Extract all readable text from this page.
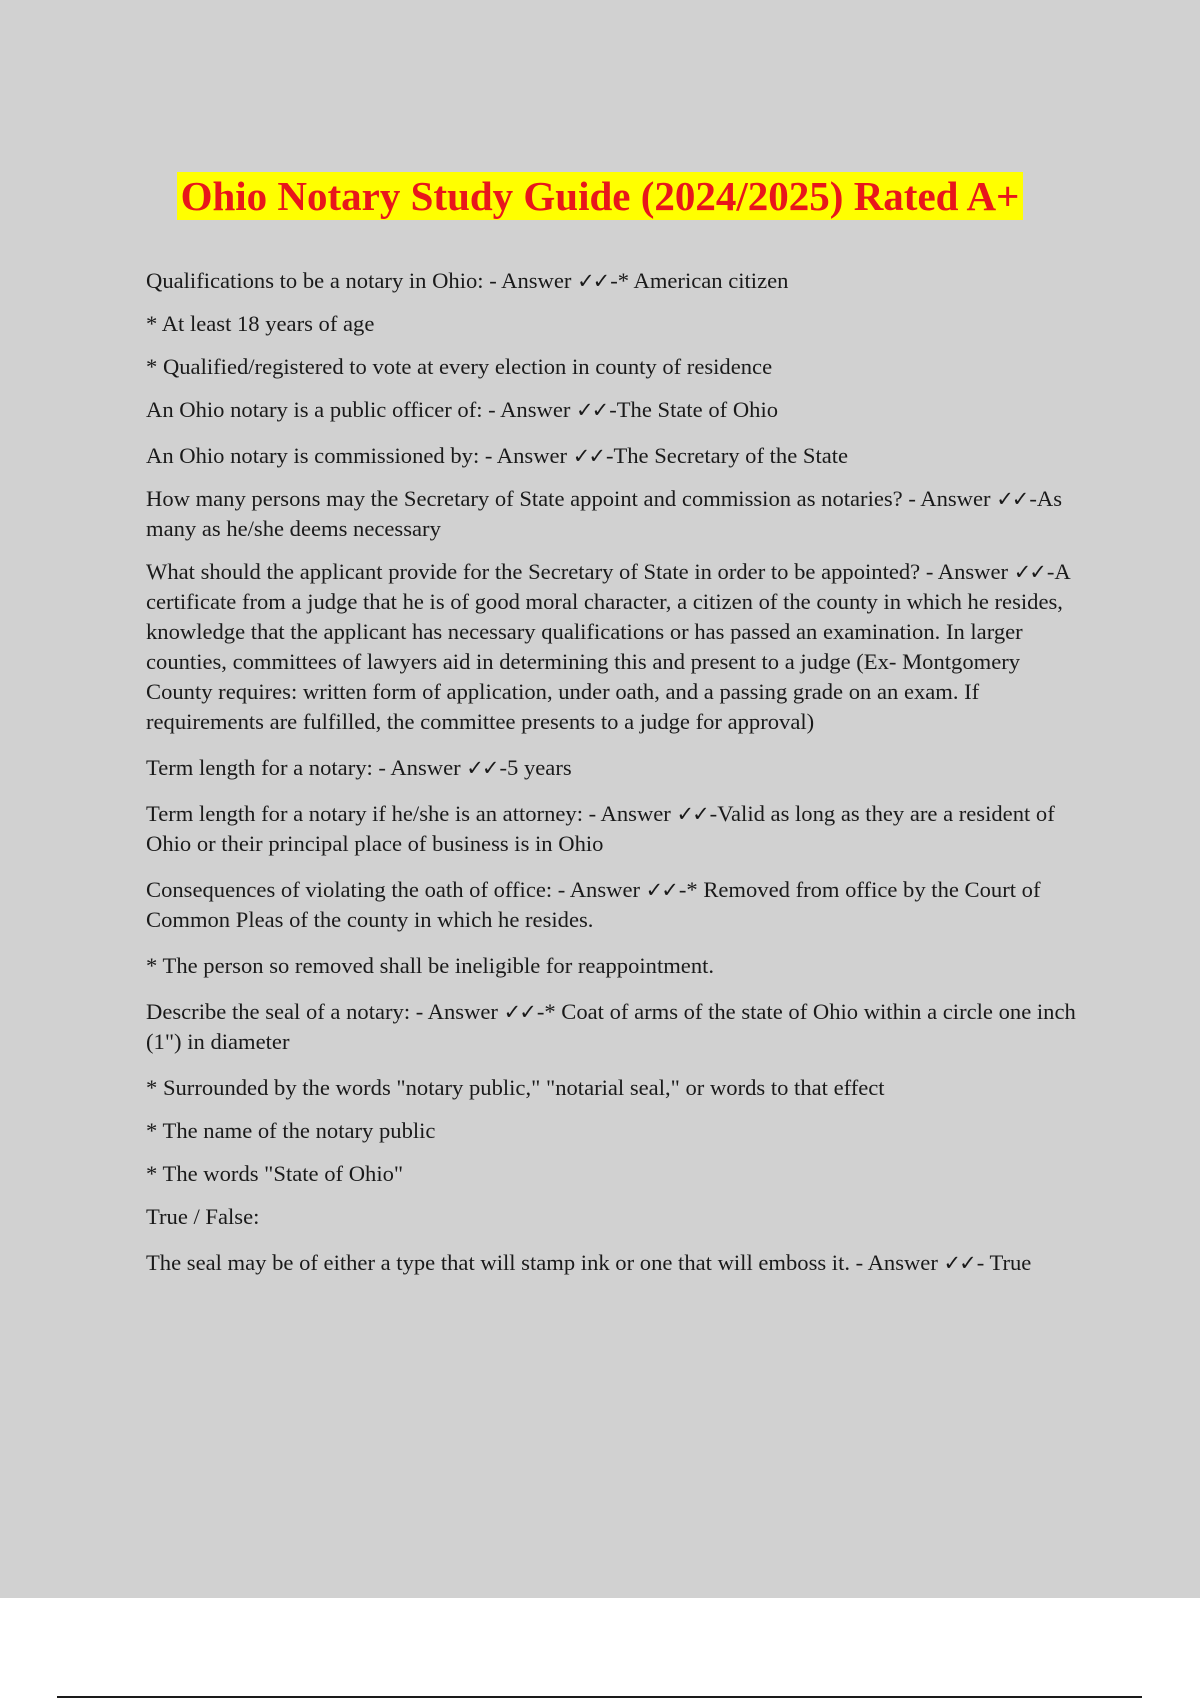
Ohio Notary Study Guide (2024/2025) Rated A+

Qualifications to be a notary in Ohio: - Answer ✓✓-* American citizen

* At least 18 years of age

* Qualified/registered to vote at every election in county of residence

An Ohio notary is a public officer of: - Answer ✓✓-The State of Ohio

An Ohio notary is commissioned by: - Answer ✓✓-The Secretary of the State

How many persons may the Secretary of State appoint and commission as notaries? - Answer ✓✓-As many as he/she deems necessary

What should the applicant provide for the Secretary of State in order to be appointed? - Answer ✓✓-A certificate from a judge that he is of good moral character, a citizen of the county in which he resides, knowledge that the applicant has necessary qualifications or has passed an examination. In larger counties, committees of lawyers aid in determining this and present to a judge (Ex- Montgomery County requires: written form of application, under oath, and a passing grade on an exam. If requirements are fulfilled, the committee presents to a judge for approval)

Term length for a notary: - Answer ✓✓-5 years

Term length for a notary if he/she is an attorney: - Answer ✓✓-Valid as long as they are a resident of Ohio or their principal place of business is in Ohio

Consequences of violating the oath of office: - Answer ✓✓-* Removed from office by the Court of Common Pleas of the county in which he resides.

* The person so removed shall be ineligible for reappointment.

Describe the seal of a notary: - Answer ✓✓-* Coat of arms of the state of Ohio within a circle one inch (1") in diameter

* Surrounded by the words "notary public," "notarial seal," or words to that effect

* The name of the notary public

* The words "State of Ohio"

True / False:

The seal may be of either a type that will stamp ink or one that will emboss it. - Answer ✓✓- True
